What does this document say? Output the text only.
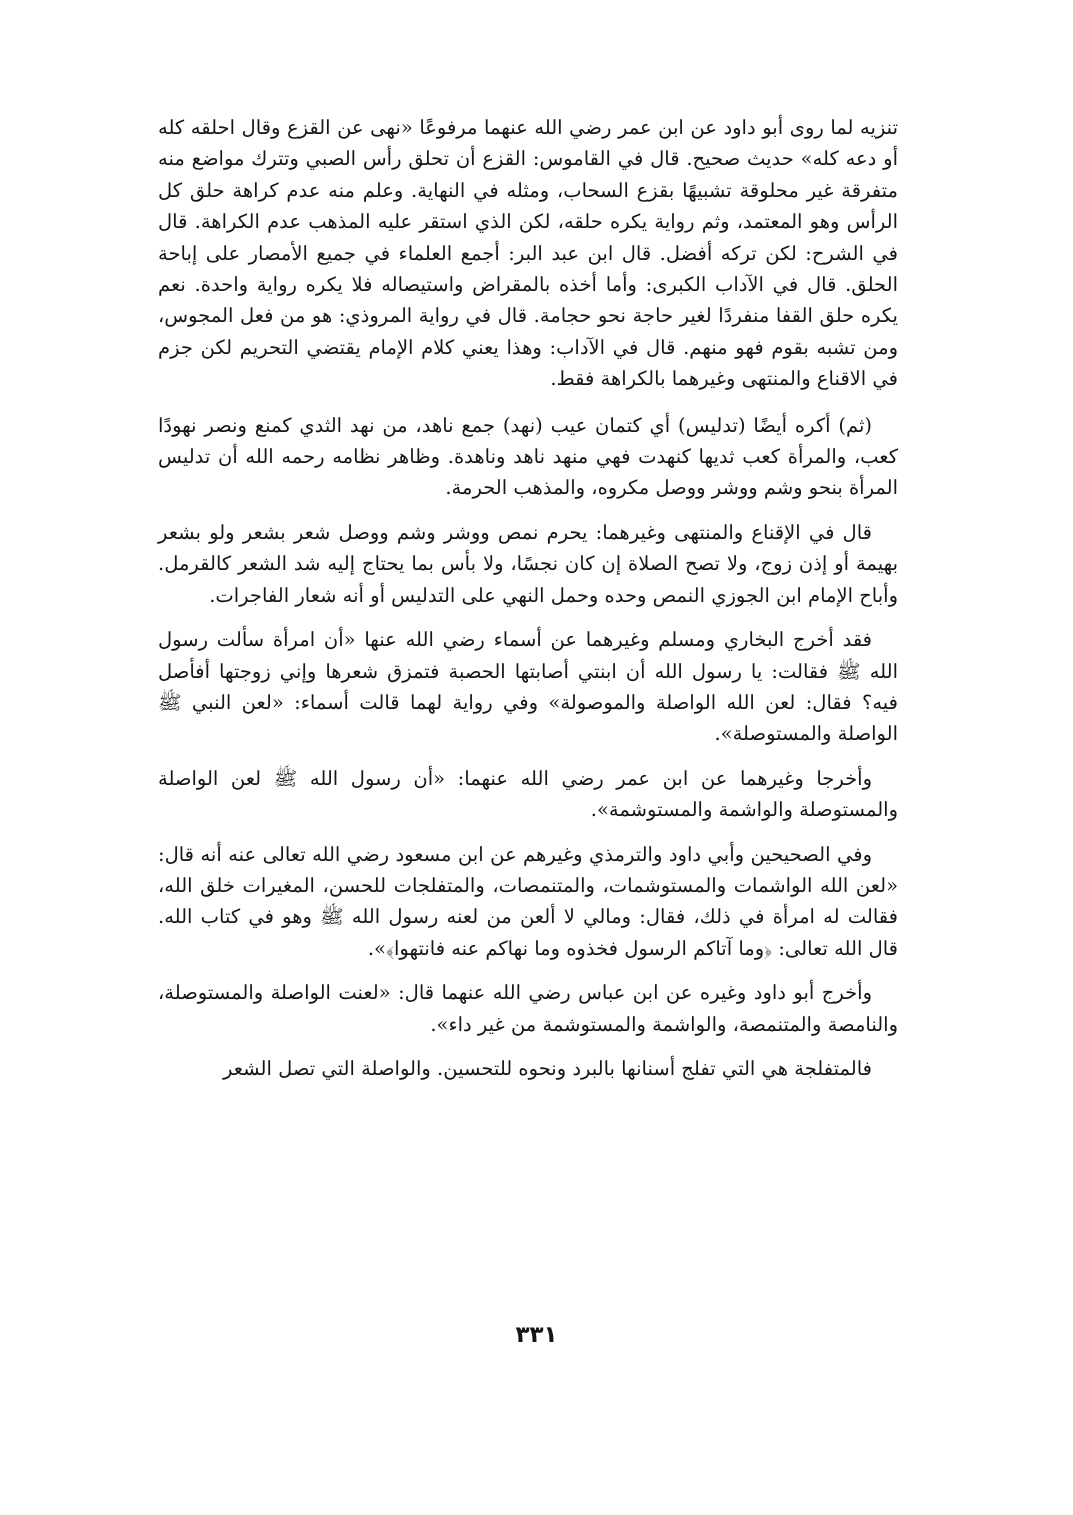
تنزيه لما روى أبو داود عن ابن عمر رضي الله عنهما مرفوعًا «نهى عن القزع وقال احلقه كله أو دعه كله» حديث صحيح. قال في القاموس: القزع أن تحلق رأس الصبي وتترك مواضع منه متفرقة غير محلوقة تشبيهًا بقزع السحاب، ومثله في النهاية. وعلم منه عدم كراهة حلق كل الرأس وهو المعتمد، وثم رواية يكره حلقه، لكن الذي استقر عليه المذهب عدم الكراهة. قال في الشرح: لكن تركه أفضل. قال ابن عبد البر: أجمع العلماء في جميع الأمصار على إباحة الحلق. قال في الآداب الكبرى: وأما أخذه بالمقراض واستيصاله فلا يكره رواية واحدة. نعم يكره حلق القفا منفردًا لغير حاجة نحو حجامة. قال في رواية المروذي: هو من فعل المجوس، ومن تشبه بقوم فهو منهم. قال في الآداب: وهذا يعني كلام الإمام يقتضي التحريم لكن جزم في الاقناع والمنتهى وغيرهما بالكراهة فقط.

(ثم) أكره أيضًا (تدليس) أي كتمان عيب (نهد) جمع ناهد، من نهد الثدي كمنع ونصر نهودًا كعب، والمرأة كعب ثديها كنهدت فهي منهد ناهد وناهدة. وظاهر نظامه رحمه الله أن تدليس المرأة بنحو وشم ووشر ووصل مكروه، والمذهب الحرمة.

قال في الإقناع والمنتهى وغيرهما: يحرم نمص ووشر وشم ووصل شعر بشعر ولو بشعر بهيمة أو إذن زوج، ولا تصح الصلاة إن كان نجسًا، ولا بأس بما يحتاج إليه شد الشعر كالقرمل. وأباح الإمام ابن الجوزي النمص وحده وحمل النهي على التدليس أو أنه شعار الفاجرات.

فقد أخرج البخاري ومسلم وغيرهما عن أسماء رضي الله عنها «أن امرأة سألت رسول الله ﷺ فقالت: يا رسول الله أن ابنتي أصابتها الحصبة فتمزق شعرها وإني زوجتها أفأصل فيه؟ فقال: لعن الله الواصلة والموصولة» وفي رواية لهما قالت أسماء: «لعن النبي ﷺ الواصلة والمستوصلة».

وأخرجا وغيرهما عن ابن عمر رضي الله عنهما: «أن رسول الله ﷺ لعن الواصلة والمستوصلة والواشمة والمستوشمة».

وفي الصحيحين وأبي داود والترمذي وغيرهم عن ابن مسعود رضي الله تعالى عنه أنه قال: «لعن الله الواشمات والمستوشمات، والمتنمصات، والمتفلجات للحسن، المغيرات خلق الله، فقالت له امرأة في ذلك، فقال: ومالي لا ألعن من لعنه رسول الله ﷺ وهو في كتاب الله. قال الله تعالى: ﴿وما آتاكم الرسول فخذوه وما نهاكم عنه فانتهوا﴾».

وأخرج أبو داود وغيره عن ابن عباس رضي الله عنهما قال: «لعنت الواصلة والمستوصلة، والنامصة والمتنمصة، والواشمة والمستوشمة من غير داء».

فالمتفلجة هي التي تفلج أسنانها بالبرد ونحوه للتحسين. والواصلة التي تصل الشعر

٣٣١
